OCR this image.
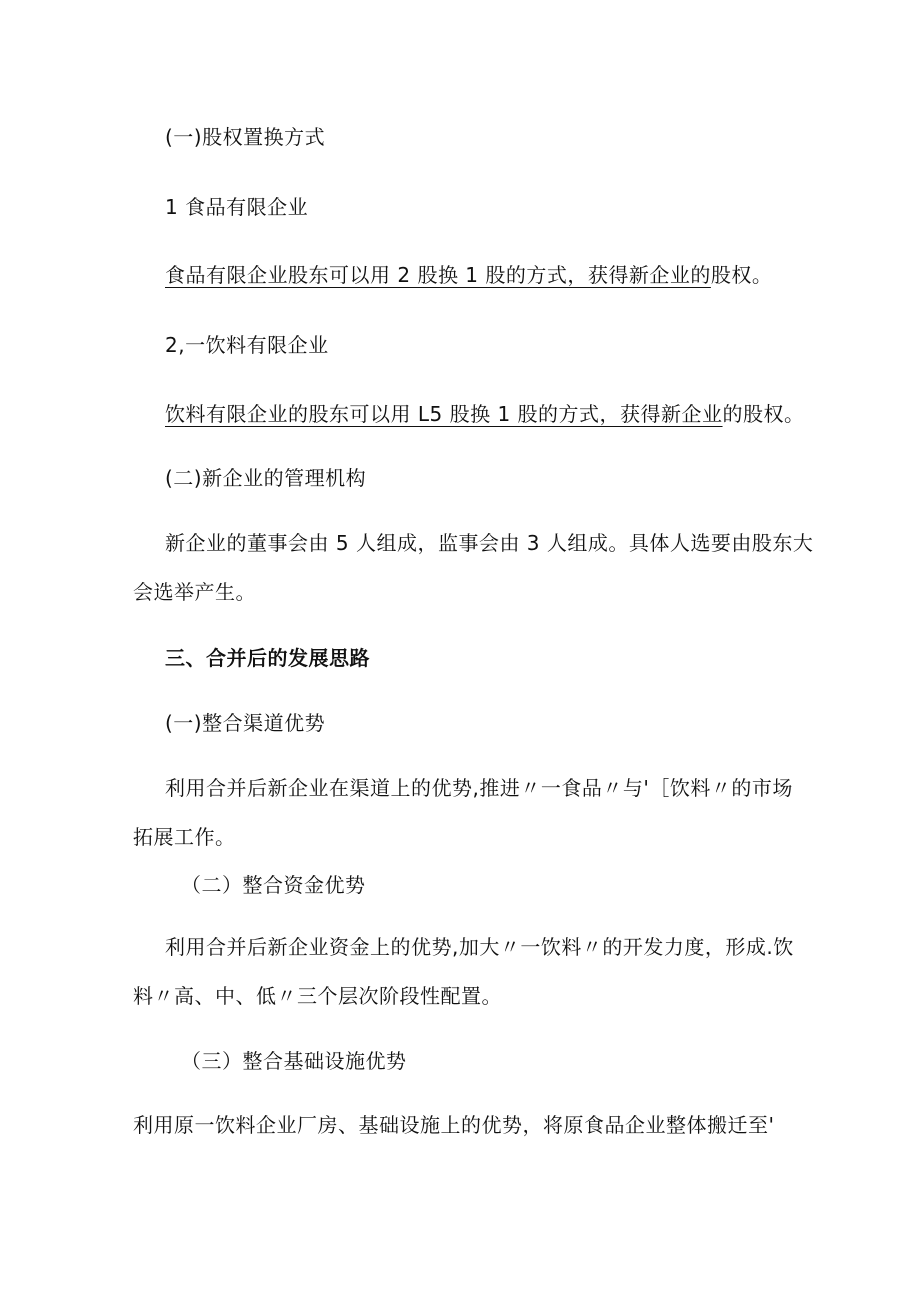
(一)股权置换方式
1 食品有限企业
食品有限企业股东可以用 2 股换 1 股的方式，获得新企业的股权。
2,一饮料有限企业
饮料有限企业的股东可以用 L5 股换 1 股的方式，获得新企业的股权。
(二)新企业的管理机构
新企业的董事会由 5 人组成，监事会由 3 人组成。具体人选要由股东大
会选举产生。
三、合并后的发展思路
(一)整合渠道优势
利用合并后新企业在渠道上的优势,推进〃一食品〃与'［饮料〃的市场
拓展工作。
（二）整合资金优势
利用合并后新企业资金上的优势,加大〃一饮料〃的开发力度，形成.饮
料〃高、中、低〃三个层次阶段性配置。
（三）整合基础设施优势
利用原一饮料企业厂房、基础设施上的优势，将原食品企业整体搬迁至'
